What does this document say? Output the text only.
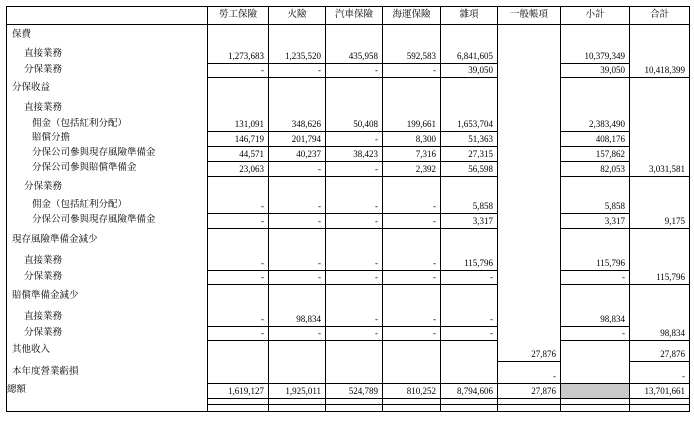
	勞工保險	火險	汽車保險	海運保險	雜項	一般帳項	小計	合計
保費								
直接業務	1,273,683	1,235,520	435,958	592,583	6,841,605		10,379,349	
分保業務	-	-	-	-	39,050		39,050	10,418,399
分保收益								
直接業務								
佣金（包括紅利分配）	131,091	348,626	50,408	199,661	1,653,704		2,383,490	
賠償分擔	146,719	201,794	-	8,300	51,363		408,176	
分保公司參與現存風險準備金	44,571	40,237	38,423	7,316	27,315		157,862	
分保公司參與賠償準備金	23,063	-	-	2,392	56,598		82,053	3,031,581
分保業務								
佣金（包括紅利分配）	-	-	-	-	5,858		5,858	
分保公司參與現存風險準備金	-	-	-	-	3,317		3,317	9,175
現存風險準備金減少								
直接業務	-	-	-	-	115,796		115,796	
分保業務	-	-	-	-	-		-	115,796
賠償準備金減少								
直接業務	-	98,834	-	-	-		98,834	
分保業務	-	-	-	-	-		-	98,834
其他收入						27,876		27,876
本年度營業虧損						-		-
總額	1,619,127	1,925,011	524,789	810,252	8,794,606	27,876		13,701,661
